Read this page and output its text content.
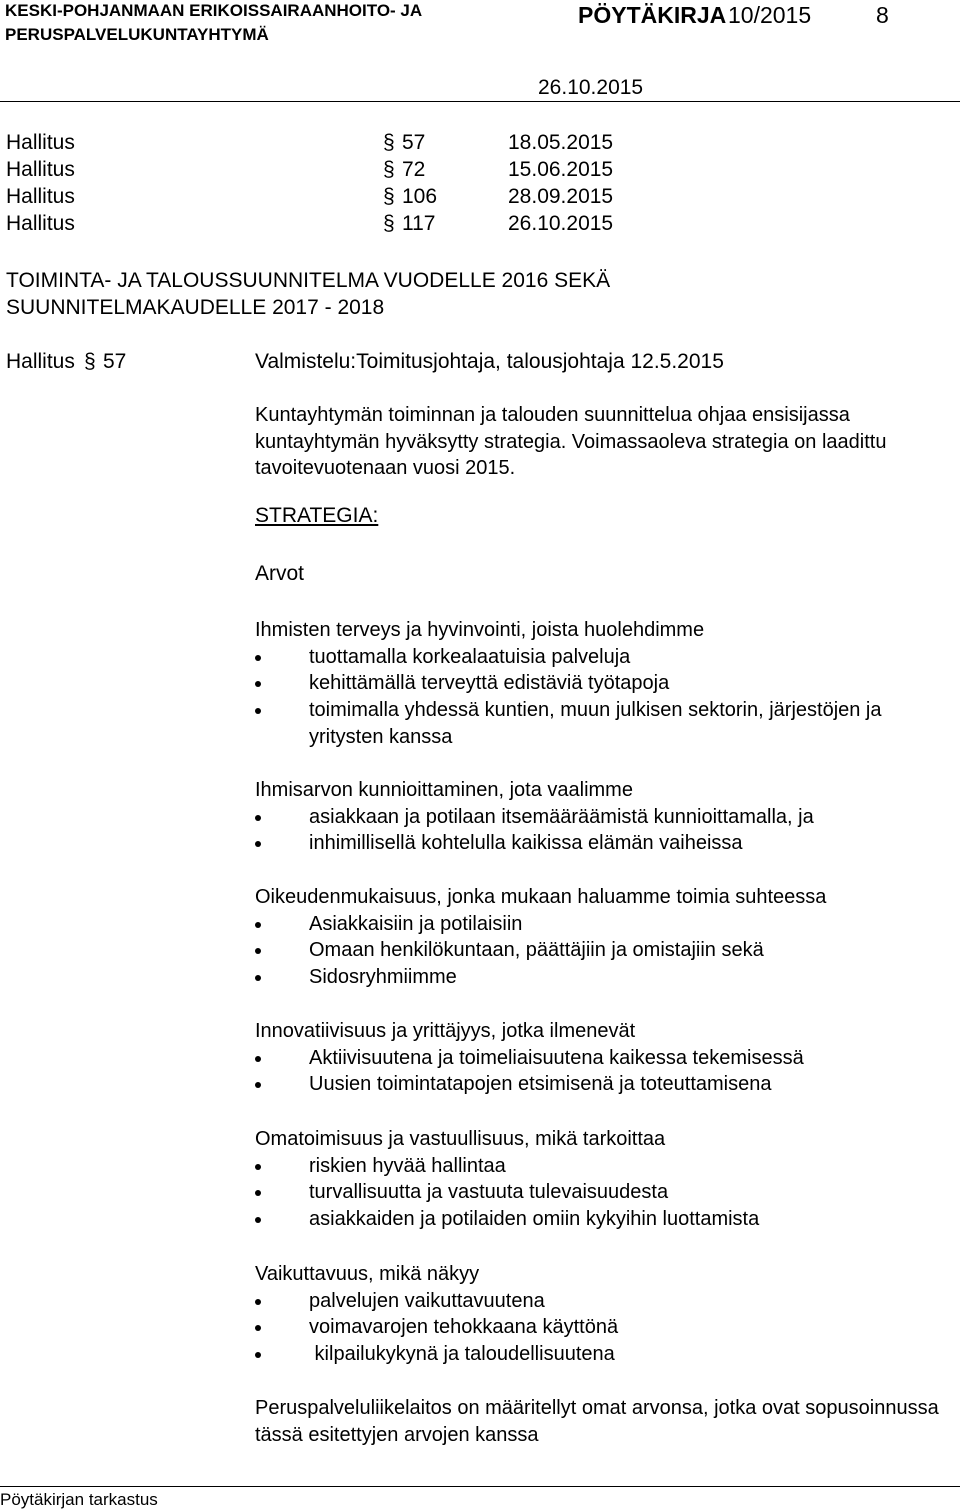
KESKI-POHJANMAAN ERIKOISSAIRAANHOITO- JA
PERUSPALVELUKUNTAYHTYMÄ
PÖYTÄKIRJA 10/2015	8
26.10.2015
Hallitus	§ 57	18.05.2015
Hallitus	§ 72	15.06.2015
Hallitus	§ 106	28.09.2015
Hallitus	§ 117	26.10.2015
TOIMINTA- JA TALOUSSUUNNITELMA VUODELLE 2016 SEKÄ SUUNNITELMAKAUDELLE 2017 - 2018
Hallitus § 57	Valmistelu:Toimitusjohtaja, talousjohtaja 12.5.2015
Kuntayhtymän toiminnan ja talouden suunnittelua ohjaa ensisijassa kuntayhtymän hyväksytty strategia. Voimassaoleva strategia on laadittu tavoitevuotenaan vuosi 2015.
STRATEGIA:
Arvot

Ihmisten terveys ja hyvinvointi, joista huolehdimme

tuottamalla korkealaatuisia palveluja
kehittämällä terveyttä edistäviä työtapoja
toimimalla yhdessä kuntien, muun julkisen sektorin, järjestöjen ja yritysten kanssa

Ihmisarvon kunnioittaminen, jota vaalimme

asiakkaan ja potilaan itsemääräämistä kunnioittamalla, ja
inhimillisellä kohtelulla kaikissa elämän vaiheissa

Oikeudenmukaisuus, jonka mukaan haluamme toimia suhteessa

Asiakkaisiin ja potilaisiin
Omaan henkilökuntaan, päättäjiin ja omistajiin sekä
Sidosryhmiimme

Innovatiivisuus ja yrittäjyys, jotka ilmenevät

Aktiivisuutena ja toimeliaisuutena kaikessa tekemisessä
Uusien toimintatapojen etsimisenä ja toteuttamisena

Omatoimisuus ja vastuullisuus, mikä tarkoittaa

riskien hyvää hallintaa
turvallisuutta ja vastuuta tulevaisuudesta
asiakkaiden ja potilaiden omiin kykyihin luottamista

Vaikuttavuus, mikä näkyy

palvelujen vaikuttavuutena
voimavarojen tehokkaana käyttönä
kilpailukykynä ja taloudellisuutena
Peruspalveluliikelaitos on määritellyt omat arvonsa, jotka ovat sopusoinnussa tässä esitettyjen arvojen kanssa
Pöytäkirjan tarkastus
